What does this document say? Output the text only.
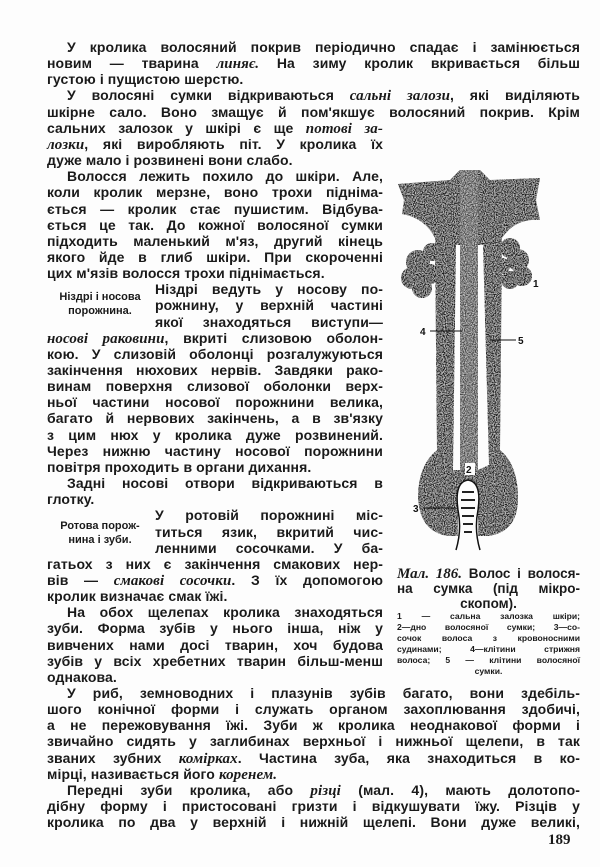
У кролика волосяний покрив періодично спадає і замінюється
новим — тварина линяє. На зиму кролик вкривається більш
густою і пущистою шерстю.
У волосяні сумки відкриваються сальні залози, які виділяють
шкірне сало. Воно змащує й пом'якшує волосяний покрив. Крім
сальних залозок у шкірі є ще потові за-
лозки, які виробляють піт. У кролика їх
дуже мало і розвинені вони слабо.
Волосся лежить похило до шкіри. Але,
коли кролик мерзне, воно трохи підніма-
ється — кролик стає пушистим. Відбува-
ється це так. До кожної волосяної сумки
підходить маленький м'яз, другий кінець
якого йде в глиб шкіри. При скороченні
цих м'язів волосся трохи піднімається.
Ніздрі ведуть у носову по-
рожнину, у верхній частині
якої знаходяться виступи—
носові раковини, вкриті слизовою оболон-
кою. У слизовій оболонці розгалужуються
закінчення нюхових нервів. Завдяки рако-
винам поверхня слизової оболонки верх-
ньої частини носової порожнини велика,
багато й нервових закінчень, а в зв'язку
з цим нюх у кролика дуже розвинений.
Через нижню частину носової порожнини
повітря проходить в органи дихання.
Задні носові отвори відкриваються в
глотку.
У ротовій порожнині міс-
титься язик, вкритий чис-
ленними сосочками. У ба-
гатьох з них є закінчення смакових нер-
вів — смакові сосочки. З їх допомогою
кролик визначає смак їжі.
На обох щелепах кролика знаходяться
зуби. Форма зубів у нього інша, ніж у
вивчених нами досі тварин, хоч будова
зубів у всіх хребетних тварин більш-менш
однакова.
У риб, земноводних і плазунів зубів багато, вони здебіль-
шого конічної форми і служать органом захоплювання здобичі,
а не пережовування їжі. Зуби ж кролика неоднакової форми і
звичайно сидять у заглибинах верхньої і нижньої щелепи, в так
званих зубних комірках. Частина зуба, яка знаходиться в ко-
мірці, називається його коренем.
Передні зуби кролика, або різці (мал. 4), мають долотопо-
дібну форму і пристосовані гризти і відкушувати їжу. Різців у
кролика по два у верхній і нижній щелепі. Вони дуже великі,
Ніздрі і носова
порожнина.
Ротова порож-
нина і зуби.
1
4
5
2
3
Мал. 186. Волос і волося-
на сумка (під мікро-
скопом).
1 — сальна залозка шкіри;
2—дно волосяної сумки; 3—со-
сочок волоса з кровоносними
судинами; 4—клітини стрижня
волоса; 5 — клітини волосяної
сумки.
189
